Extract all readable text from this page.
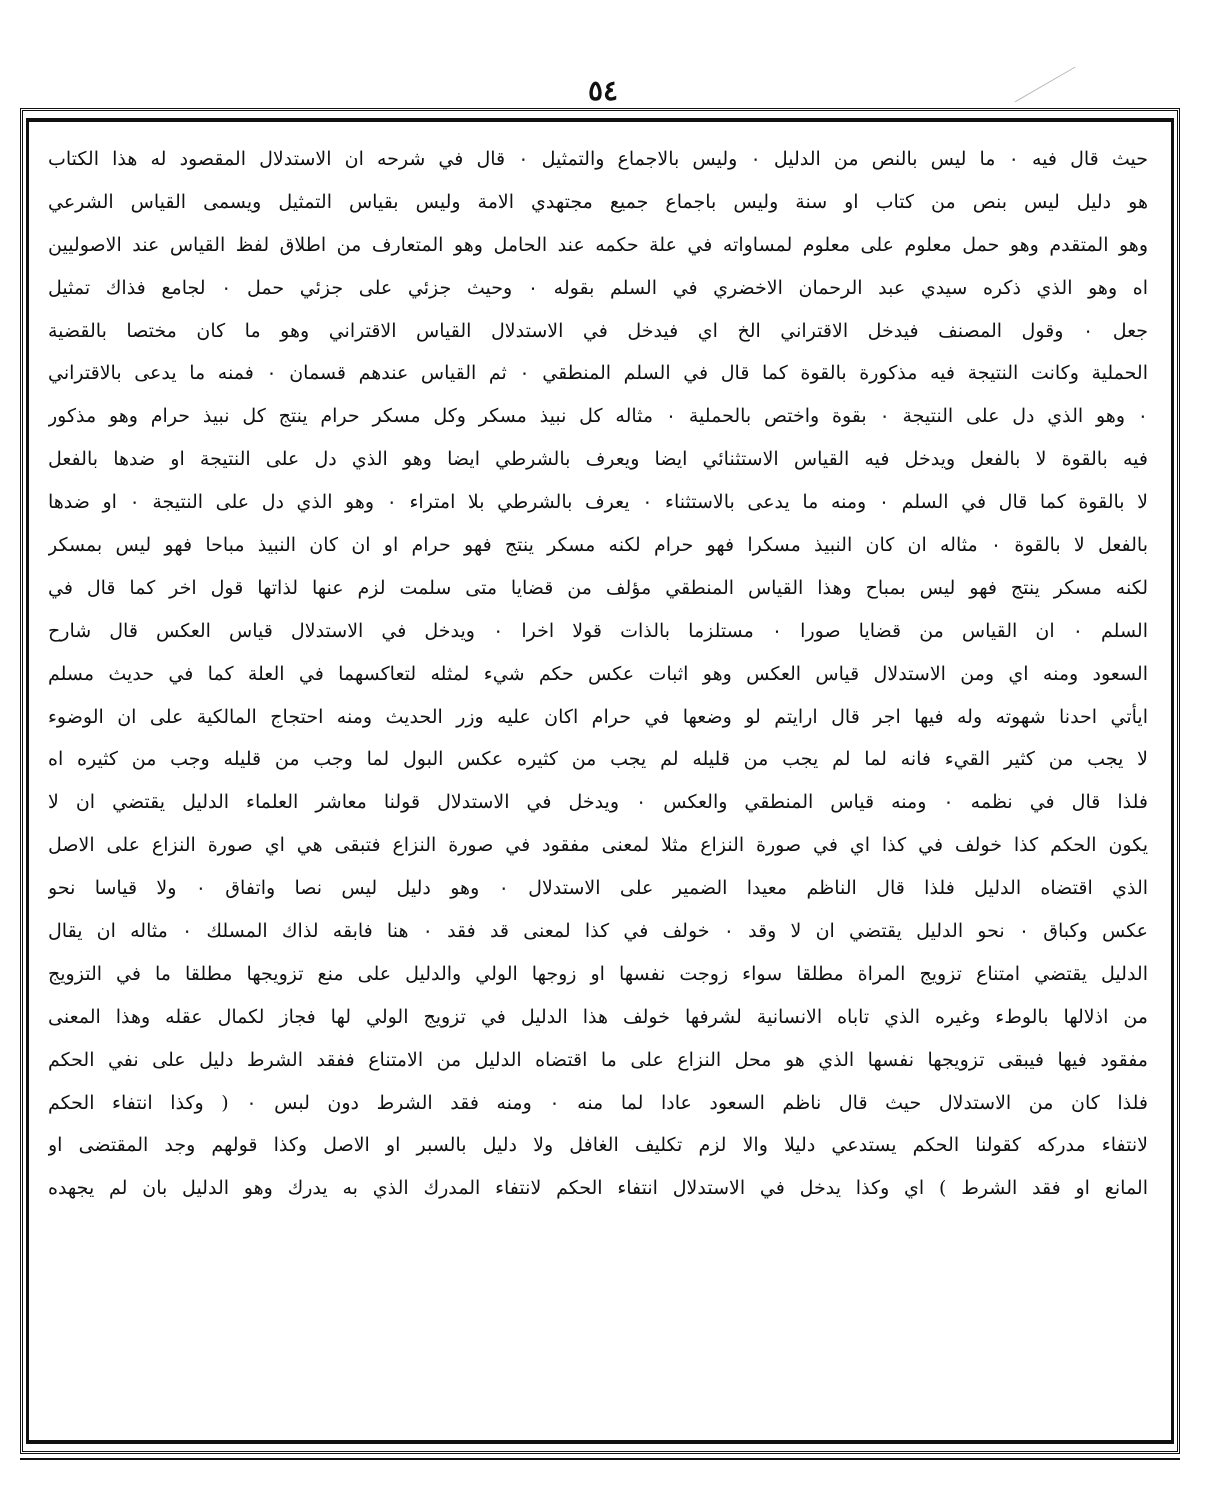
٥٤
حيث قال فيه ٠ ما ليس بالنص من الدليل ٠ وليس بالاجماع والتمثيل ٠ قال في شرحه ان الاستدلال المقصود له هذا الكتاب
هو دليل ليس بنص من كتاب او سنة وليس باجماع جميع مجتهدي الامة وليس بقياس التمثيل ويسمى القياس الشرعي
وهو المتقدم وهو حمل معلوم على معلوم لمساواته في علة حكمه عند الحامل وهو المتعارف من اطلاق لفظ القياس عند الاصوليين
اه وهو الذي ذكره سيدي عبد الرحمان الاخضري في السلم بقوله ٠ وحيث جزئي على جزئي حمل ٠ لجامع فذاك تمثيل
جعل ٠ وقول المصنف فيدخل الاقتراني الخ اي فيدخل في الاستدلال القياس الاقتراني وهو ما كان مختصا بالقضية
الحملية وكانت النتيجة فيه مذكورة بالقوة كما قال في السلم المنطقي ٠ ثم القياس عندهم قسمان ٠ فمنه ما يدعى بالاقتراني
٠ وهو الذي دل على النتيجة ٠ بقوة واختص بالحملية ٠ مثاله كل نبيذ مسكر وكل مسكر حرام ينتج كل نبيذ حرام وهو مذكور
فيه بالقوة لا بالفعل ويدخل فيه القياس الاستثنائي ايضا ويعرف بالشرطي ايضا وهو الذي دل على النتيجة او ضدها بالفعل
لا بالقوة كما قال في السلم ٠ ومنه ما يدعى بالاستثناء ٠ يعرف بالشرطي بلا امتراء ٠ وهو الذي دل على النتيجة ٠ او ضدها
بالفعل لا بالقوة ٠ مثاله ان كان النبيذ مسكرا فهو حرام لكنه مسكر ينتج فهو حرام او ان كان النبيذ مباحا فهو ليس بمسكر
لكنه مسكر ينتج فهو ليس بمباح وهذا القياس المنطقي مؤلف من قضايا متى سلمت لزم عنها لذاتها قول اخر كما قال في
السلم ٠ ان القياس من قضايا صورا ٠ مستلزما بالذات قولا اخرا ٠ ويدخل في الاستدلال قياس العكس قال شارح
السعود ومنه اي ومن الاستدلال قياس العكس وهو اثبات عكس حكم شيء لمثله لتعاكسهما في العلة كما في حديث مسلم
ايأتي احدنا شهوته وله فيها اجر قال ارايتم لو وضعها في حرام اكان عليه وزر الحديث ومنه احتجاج المالكية على ان الوضوء
لا يجب من كثير القيء فانه لما لم يجب من قليله لم يجب من كثيره عكس البول لما وجب من قليله وجب من كثيره اه
فلذا قال في نظمه ٠ ومنه قياس المنطقي والعكس ٠ ويدخل في الاستدلال قولنا معاشر العلماء الدليل يقتضي ان لا
يكون الحكم كذا خولف في كذا اي في صورة النزاع مثلا لمعنى مفقود في صورة النزاع فتبقى هي اي صورة النزاع على الاصل
الذي اقتضاه الدليل فلذا قال الناظم معيدا الضمير على الاستدلال ٠ وهو دليل ليس نصا واتفاق ٠ ولا قياسا نحو
عكس وكباق ٠ نحو الدليل يقتضي ان لا وقد ٠ خولف في كذا لمعنى قد فقد ٠ هنا فابقه لذاك المسلك ٠ مثاله ان يقال
الدليل يقتضي امتناع تزويج المراة مطلقا سواء زوجت نفسها او زوجها الولي والدليل على منع تزويجها مطلقا ما في التزويج
من اذلالها بالوطء وغيره الذي تاباه الانسانية لشرفها خولف هذا الدليل في تزويج الولي لها فجاز لكمال عقله وهذا المعنى
مفقود فيها فيبقى تزويجها نفسها الذي هو محل النزاع على ما اقتضاه الدليل من الامتناع ففقد الشرط دليل على نفي الحكم
فلذا كان من الاستدلال حيث قال ناظم السعود عادا لما منه ٠ ومنه فقد الشرط دون لبس ٠ ( وكذا انتفاء الحكم
لانتفاء مدركه كقولنا الحكم يستدعي دليلا والا لزم تكليف الغافل ولا دليل بالسبر او الاصل وكذا قولهم وجد المقتضى او
المانع او فقد الشرط ) اي وكذا يدخل في الاستدلال انتفاء الحكم لانتفاء المدرك الذي به يدرك وهو الدليل بان لم يجهده
